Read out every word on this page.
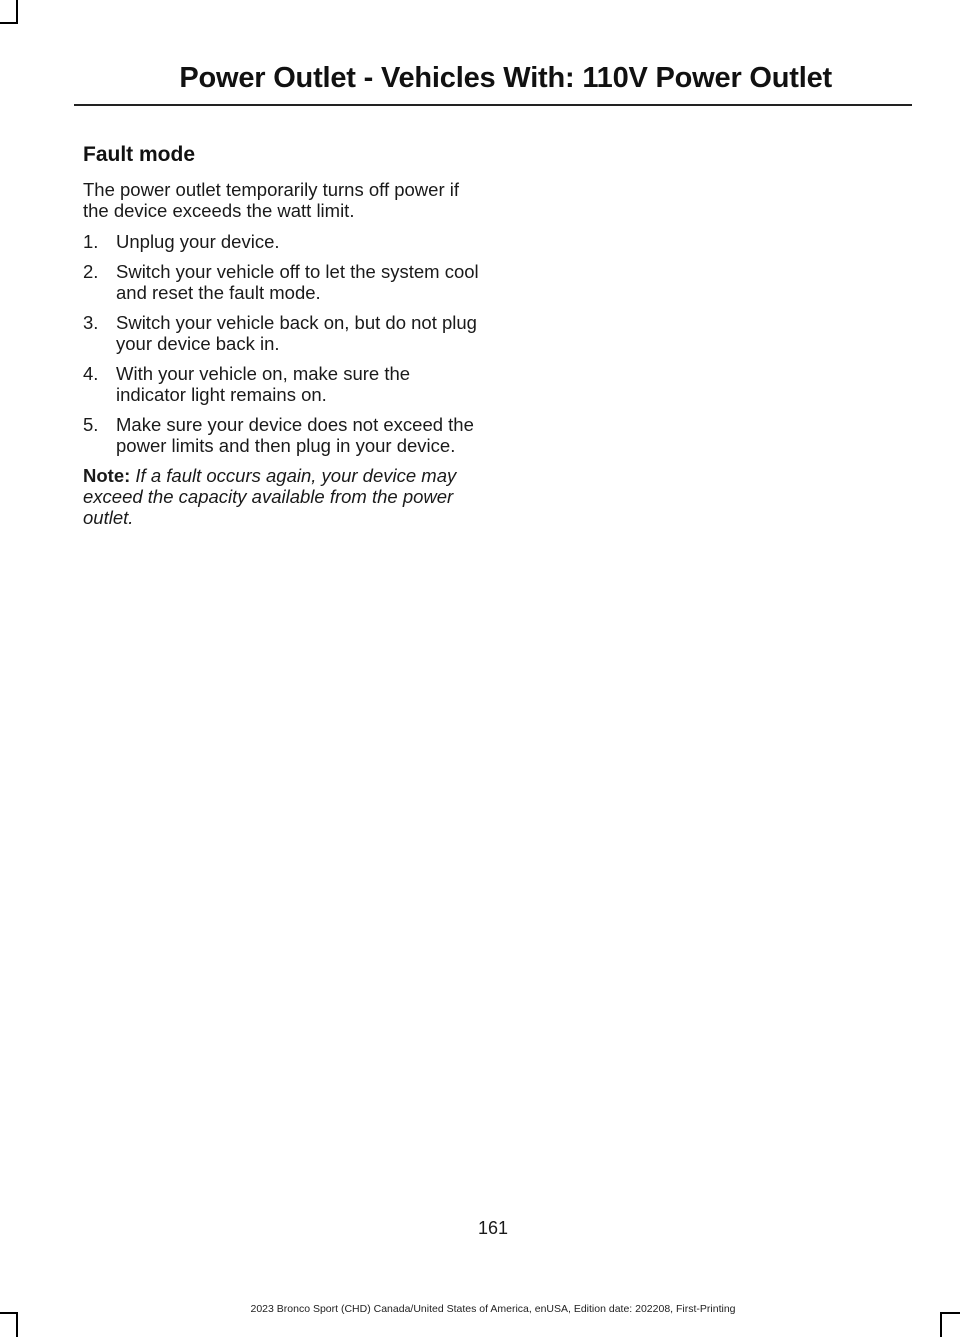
Power Outlet - Vehicles With: 110V Power Outlet
Fault mode

The power outlet temporarily turns off power if the device exceeds the watt limit.

1. Unplug your device.
2. Switch your vehicle off to let the system cool and reset the fault mode.
3. Switch your vehicle back on, but do not plug your device back in.
4. With your vehicle on, make sure the indicator light remains on.
5. Make sure your device does not exceed the power limits and then plug in your device.

Note: If a fault occurs again, your device may exceed the capacity available from the power outlet.

161
2023 Bronco Sport (CHD) Canada/United States of America, enUSA, Edition date: 202208, First-Printing
